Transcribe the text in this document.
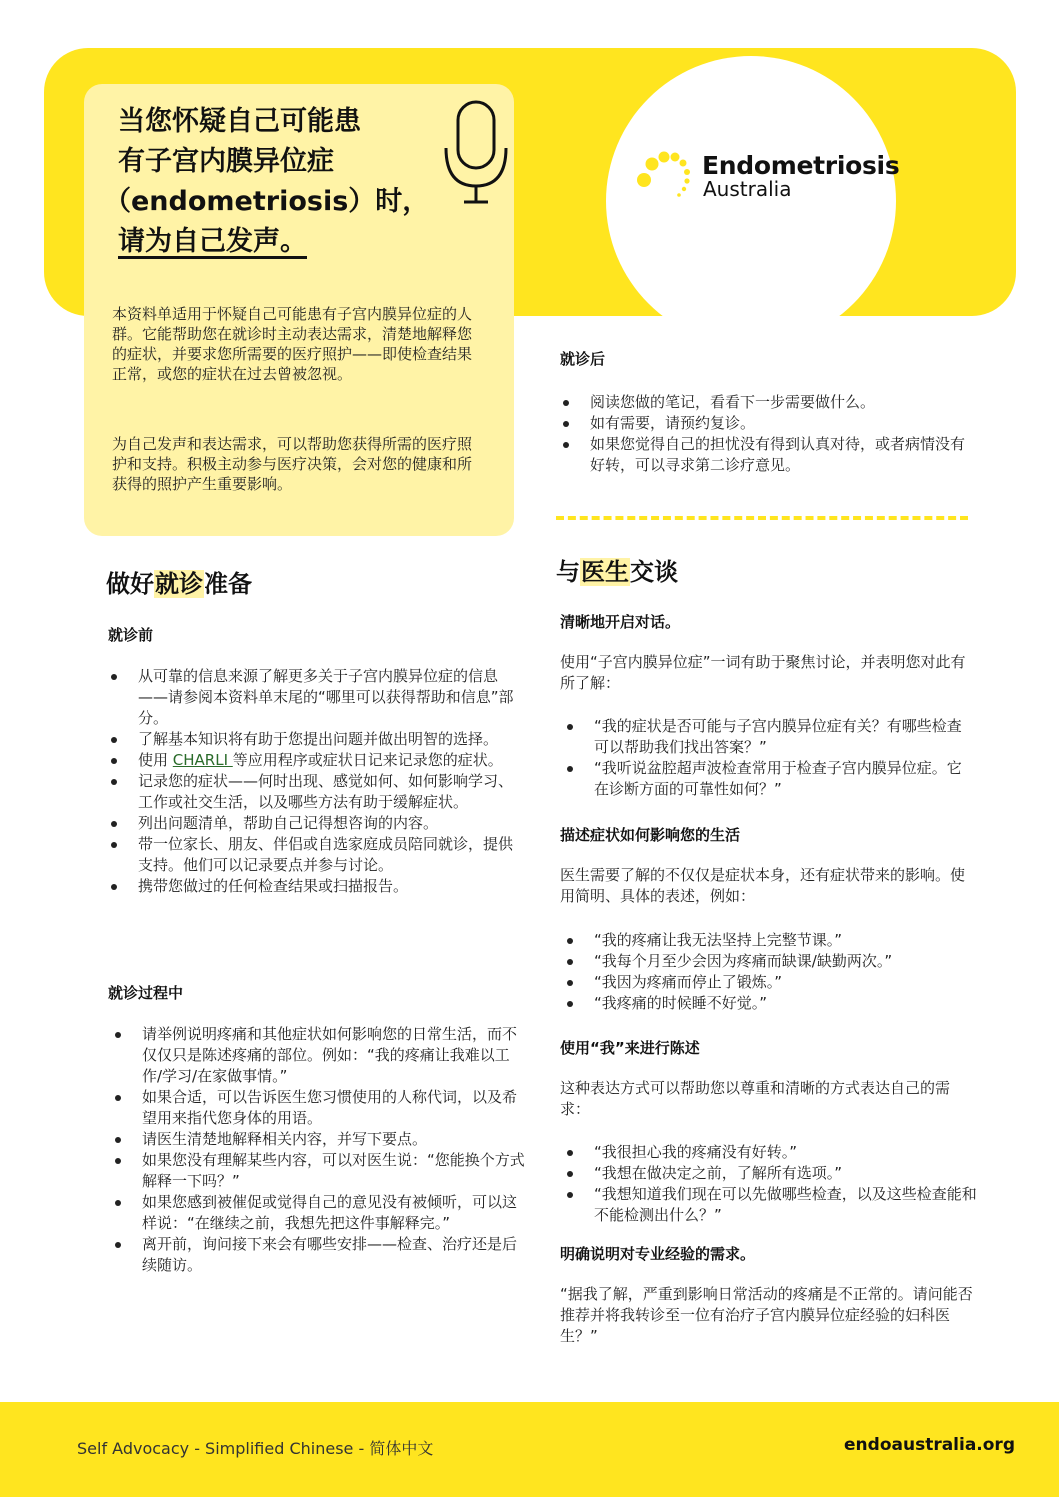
当您怀疑自己可能患
有子宫内膜异位症
（endometriosis）时，
请为自己发声。
Endometriosis
Australia
本资料单适用于怀疑自己可能患有子宫内膜异位症的人群。它能帮助您在就诊时主动表达需求，清楚地解释您的症状，并要求您所需要的医疗照护——即使检查结果正常，或您的症状在过去曾被忽视。
为自己发声和表达需求，可以帮助您获得所需的医疗照护和支持。积极主动参与医疗决策，会对您的健康和所获得的照护产生重要影响。
做好就诊准备
就诊前
从可靠的信息来源了解更多关于子宫内膜异位症的信息——请参阅本资料单末尾的“哪里可以获得帮助和信息”部分。
了解基本知识将有助于您提出问题并做出明智的选择。
使用 CHARLI 等应用程序或症状日记来记录您的症状。
记录您的症状——何时出现、感觉如何、如何影响学习、工作或社交生活，以及哪些方法有助于缓解症状。
列出问题清单，帮助自己记得想咨询的内容。
带一位家长、朋友、伴侣或自选家庭成员陪同就诊，提供支持。他们可以记录要点并参与讨论。
携带您做过的任何检查结果或扫描报告。
就诊过程中
请举例说明疼痛和其他症状如何影响您的日常生活，而不仅仅只是陈述疼痛的部位。例如：“我的疼痛让我难以工作/学习/在家做事情。”
如果合适，可以告诉医生您习惯使用的人称代词，以及希望用来指代您身体的用语。
请医生清楚地解释相关内容，并写下要点。
如果您没有理解某些内容，可以对医生说：“您能换个方式解释一下吗？”
如果您感到被催促或觉得自己的意见没有被倾听，可以这样说：“在继续之前，我想先把这件事解释完。”
离开前，询问接下来会有哪些安排——检查、治疗还是后续随访。
就诊后
阅读您做的笔记，看看下一步需要做什么。
如有需要，请预约复诊。
如果您觉得自己的担忧没有得到认真对待，或者病情没有好转，可以寻求第二诊疗意见。
与医生交谈
清晰地开启对话。
使用“子宫内膜异位症”一词有助于聚焦讨论，并表明您对此有所了解：
“我的症状是否可能与子宫内膜异位症有关？有哪些检查可以帮助我们找出答案？”
“我听说盆腔超声波检查常用于检查子宫内膜异位症。它在诊断方面的可靠性如何？”
描述症状如何影响您的生活
医生需要了解的不仅仅是症状本身，还有症状带来的影响。使用简明、具体的表述，例如：
“我的疼痛让我无法坚持上完整节课。”
“我每个月至少会因为疼痛而缺课/缺勤两次。”
“我因为疼痛而停止了锻炼。”
“我疼痛的时候睡不好觉。”
使用“我”来进行陈述
这种表达方式可以帮助您以尊重和清晰的方式表达自己的需求：
“我很担心我的疼痛没有好转。”
“我想在做决定之前，了解所有选项。”
“我想知道我们现在可以先做哪些检查，以及这些检查能和不能检测出什么？”
明确说明对专业经验的需求。
“据我了解，严重到影响日常活动的疼痛是不正常的。请问能否推荐并将我转诊至一位有治疗子宫内膜异位症经验的妇科医生？”
Self Advocacy - Simplified Chinese - 简体中文	endoaustralia.org
